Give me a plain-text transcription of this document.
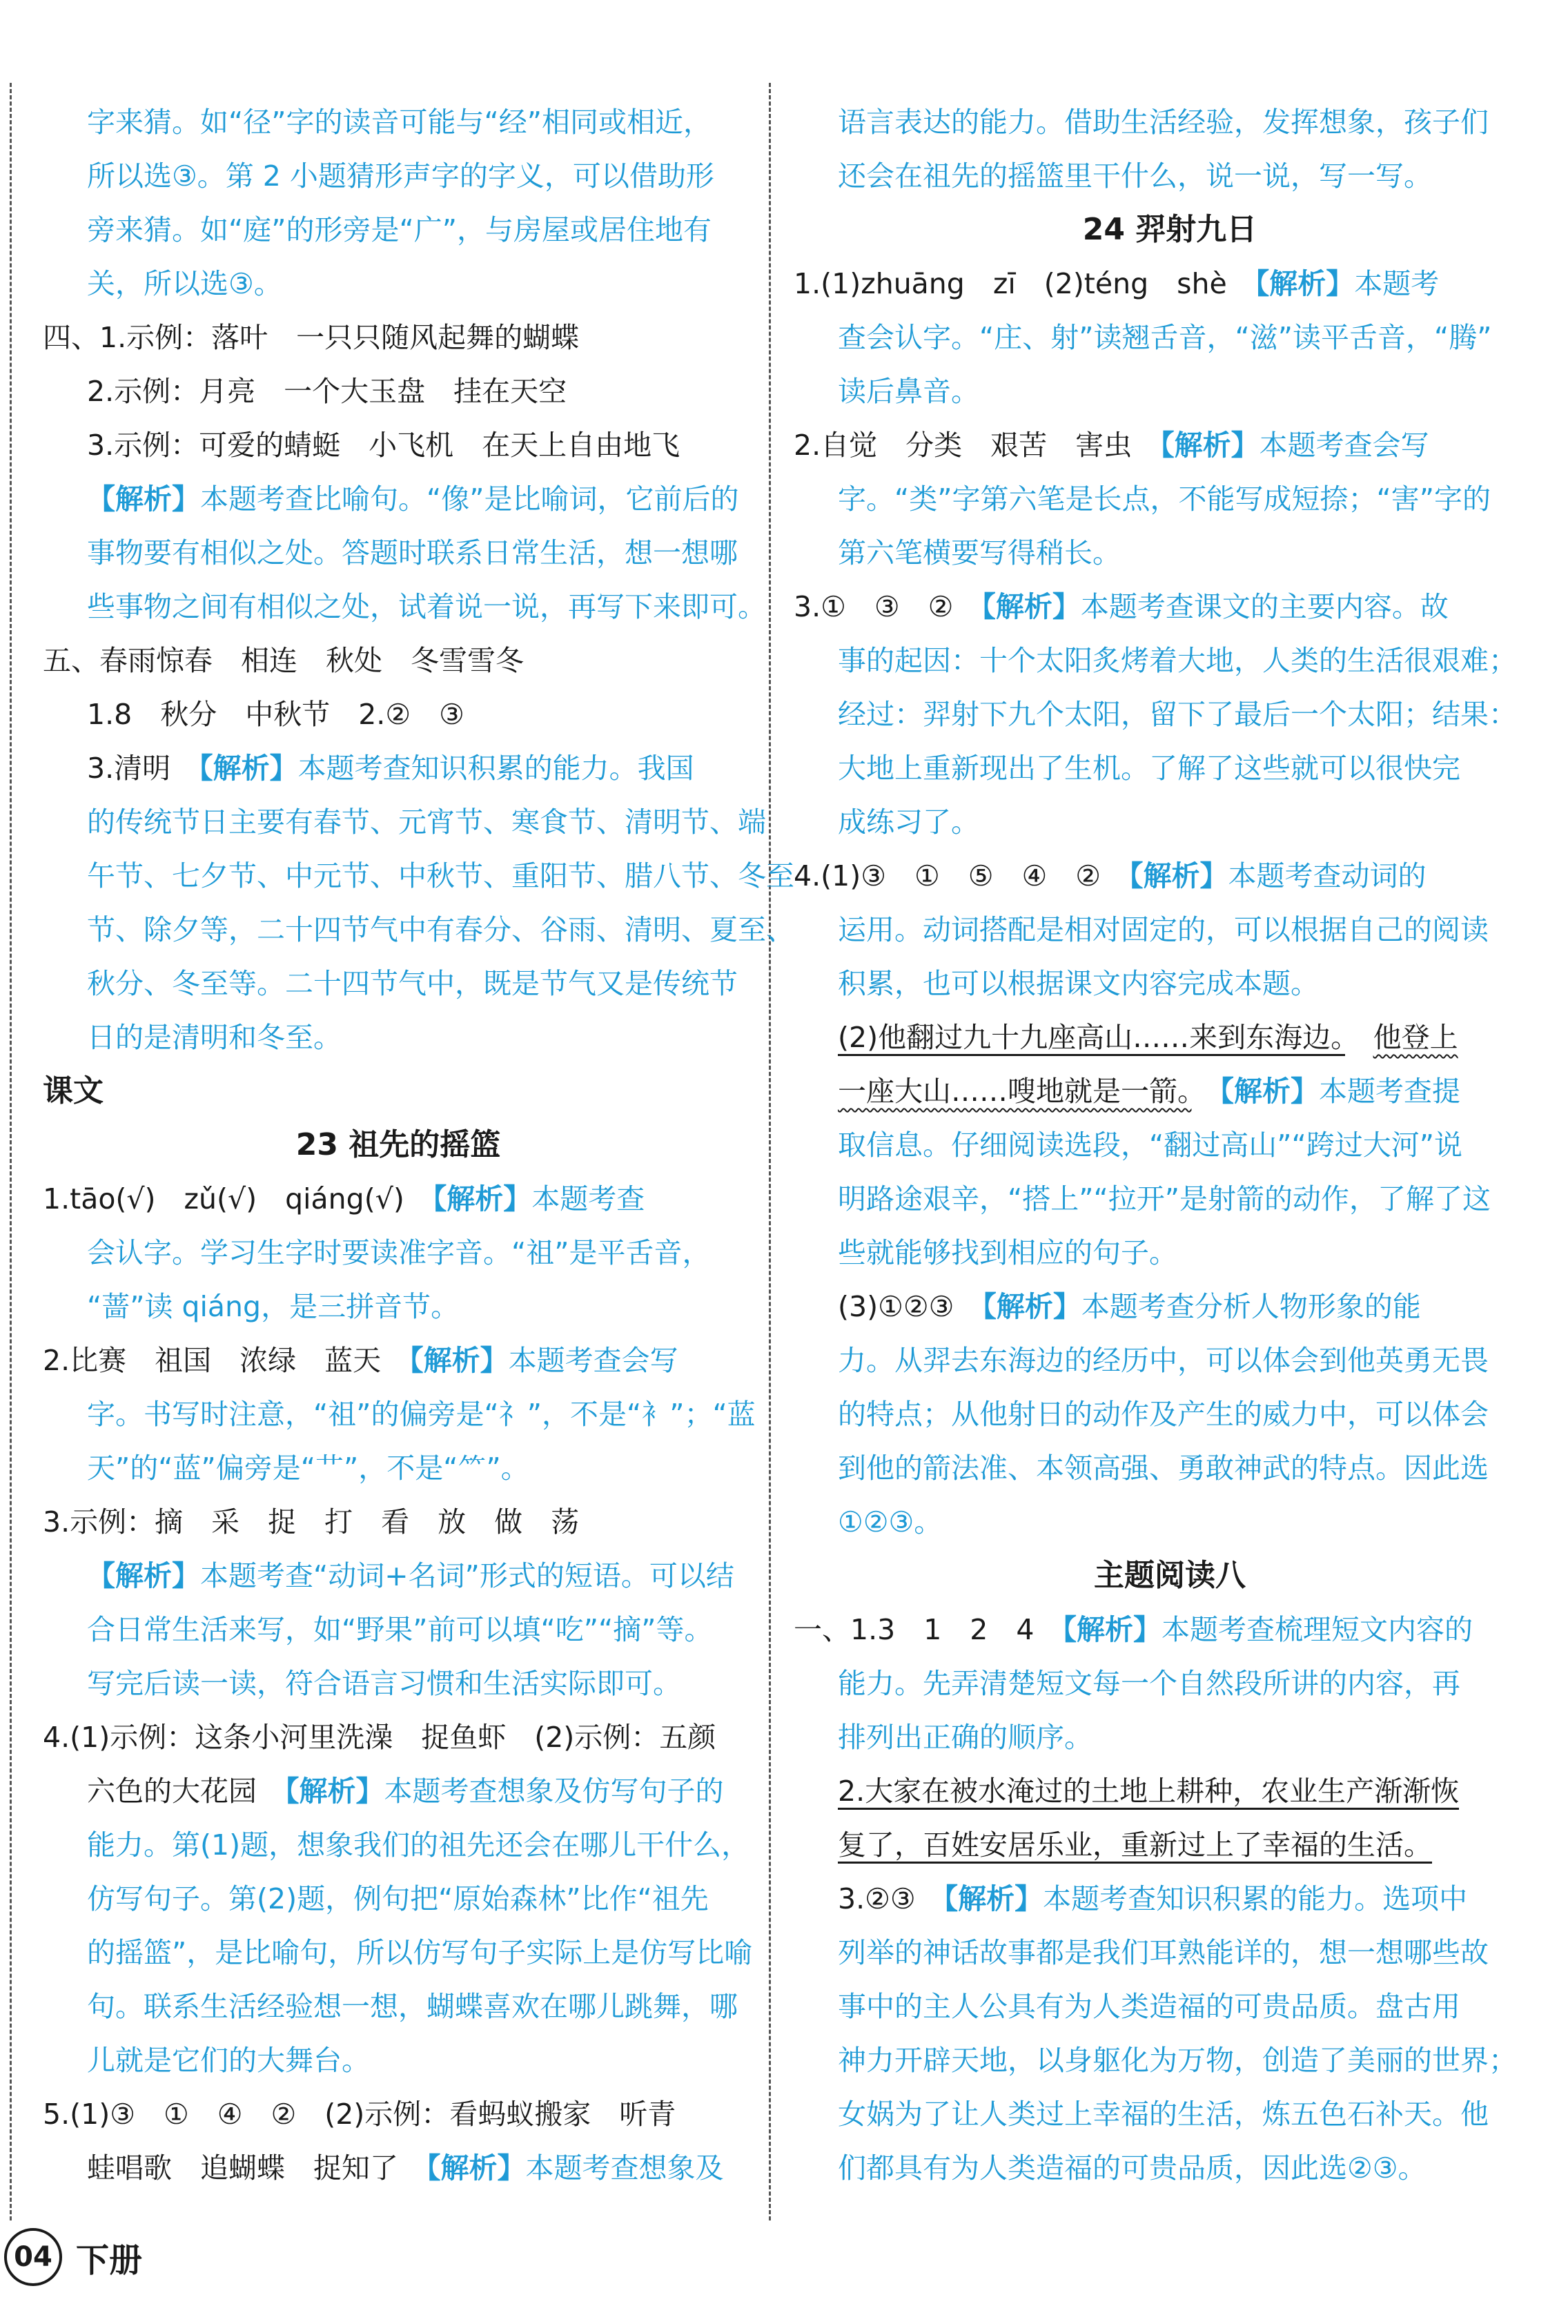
字来猜。如“径”字的读音可能与“经”相同或相近，

所以选③。第 2 小题猜形声字的字义，可以借助形

旁来猜。如“庭”的形旁是“广”，与房屋或居住地有

关，所以选③。

四、1.示例：落叶　一只只随风起舞的蝴蝶

2.示例：月亮　一个大玉盘　挂在天空

3.示例：可爱的蜻蜓　小飞机　在天上自由地飞

【解析】本题考查比喻句。“像”是比喻词，它前后的

事物要有相似之处。答题时联系日常生活，想一想哪

些事物之间有相似之处，试着说一说，再写下来即可。

五、春雨惊春　相连　秋处　冬雪雪冬

1.8　秋分　中秋节　2.②　③

3.清明　 【解析】本题考查知识积累的能力。我国

的传统节日主要有春节、元宵节、寒食节、清明节、端

午节、七夕节、中元节、中秋节、重阳节、腊八节、冬至

节、除夕等，二十四节气中有春分、谷雨、清明、夏至、

秋分、冬至等。二十四节气中，既是节气又是传统节

日的是清明和冬至。

课文

23 祖先的摇篮

1.tāo(√)　zǔ(√)　qiáng(√)　 【解析】本题考查

会认字。学习生字时要读准字音。“祖”是平舌音，

“蔷”读 qiáng，是三拼音节。

2.比赛　祖国　浓绿　蓝天　 【解析】本题考查会写

字。书写时注意，“祖”的偏旁是“礻”，不是“衤”；“蓝

天”的“蓝”偏旁是“艹”，不是“⺮”。

3.示例：摘　采　捉　打　看　放　做　荡

【解析】本题考查“动词+名词”形式的短语。可以结

合日常生活来写，如“野果”前可以填“吃”“摘”等。

写完后读一读，符合语言习惯和生活实际即可。

4.(1)示例：这条小河里洗澡　捉鱼虾　(2)示例：五颜

六色的大花园　 【解析】本题考查想象及仿写句子的

能力。第(1)题，想象我们的祖先还会在哪儿干什么，

仿写句子。第(2)题，例句把“原始森林”比作“祖先

的摇篮”，是比喻句，所以仿写句子实际上是仿写比喻

句。联系生活经验想一想，蝴蝶喜欢在哪儿跳舞，哪

儿就是它们的大舞台。

5.(1)③　①　④　②　(2)示例：看蚂蚁搬家　听青

蛙唱歌　追蝴蝶　捉知了　 【解析】本题考查想象及

语言表达的能力。借助生活经验，发挥想象，孩子们

还会在祖先的摇篮里干什么，说一说，写一写。

24 羿射九日

1.(1)zhuāng　zī　(2)téng　shè　 【解析】本题考

查会认字。“庄、射”读翘舌音，“滋”读平舌音，“腾”

读后鼻音。

2.自觉　分类　艰苦　害虫　 【解析】本题考查会写

字。“类”字第六笔是长点，不能写成短捺；“害”字的

第六笔横要写得稍长。

3.①　③　②　 【解析】本题考查课文的主要内容。故

事的起因：十个太阳炙烤着大地，人类的生活很艰难；

经过：羿射下九个太阳，留下了最后一个太阳；结果：

大地上重新现出了生机。了解了这些就可以很快完

成练习了。

4.(1)③　①　⑤　④　②　 【解析】本题考查动词的

运用。动词搭配是相对固定的，可以根据自己的阅读

积累，也可以根据课文内容完成本题。

(2)他翻过九十九座高山……来到东海边。　 他登上

一座大山……嗖地就是一箭。　 【解析】本题考查提

取信息。仔细阅读选段，“翻过高山”“跨过大河”说

明路途艰辛，“搭上”“拉开”是射箭的动作，了解了这

些就能够找到相应的句子。

(3)①②③　 【解析】本题考查分析人物形象的能

力。从羿去东海边的经历中，可以体会到他英勇无畏

的特点；从他射日的动作及产生的威力中，可以体会

到他的箭法准、本领高强、勇敢神武的特点。因此选

①②③。

主题阅读八

一、1.3　1　2　4　 【解析】本题考查梳理短文内容的

能力。先弄清楚短文每一个自然段所讲的内容，再

排列出正确的顺序。

2.大家在被水淹过的土地上耕种，农业生产渐渐恢

复了，百姓安居乐业，重新过上了幸福的生活。

3.②③　 【解析】本题考查知识积累的能力。选项中

列举的神话故事都是我们耳熟能详的，想一想哪些故

事中的主人公具有为人类造福的可贵品质。盘古用

神力开辟天地，以身躯化为万物，创造了美丽的世界；

女娲为了让人类过上幸福的生活，炼五色石补天。他

们都具有为人类造福的可贵品质，因此选②③。

04 下册
